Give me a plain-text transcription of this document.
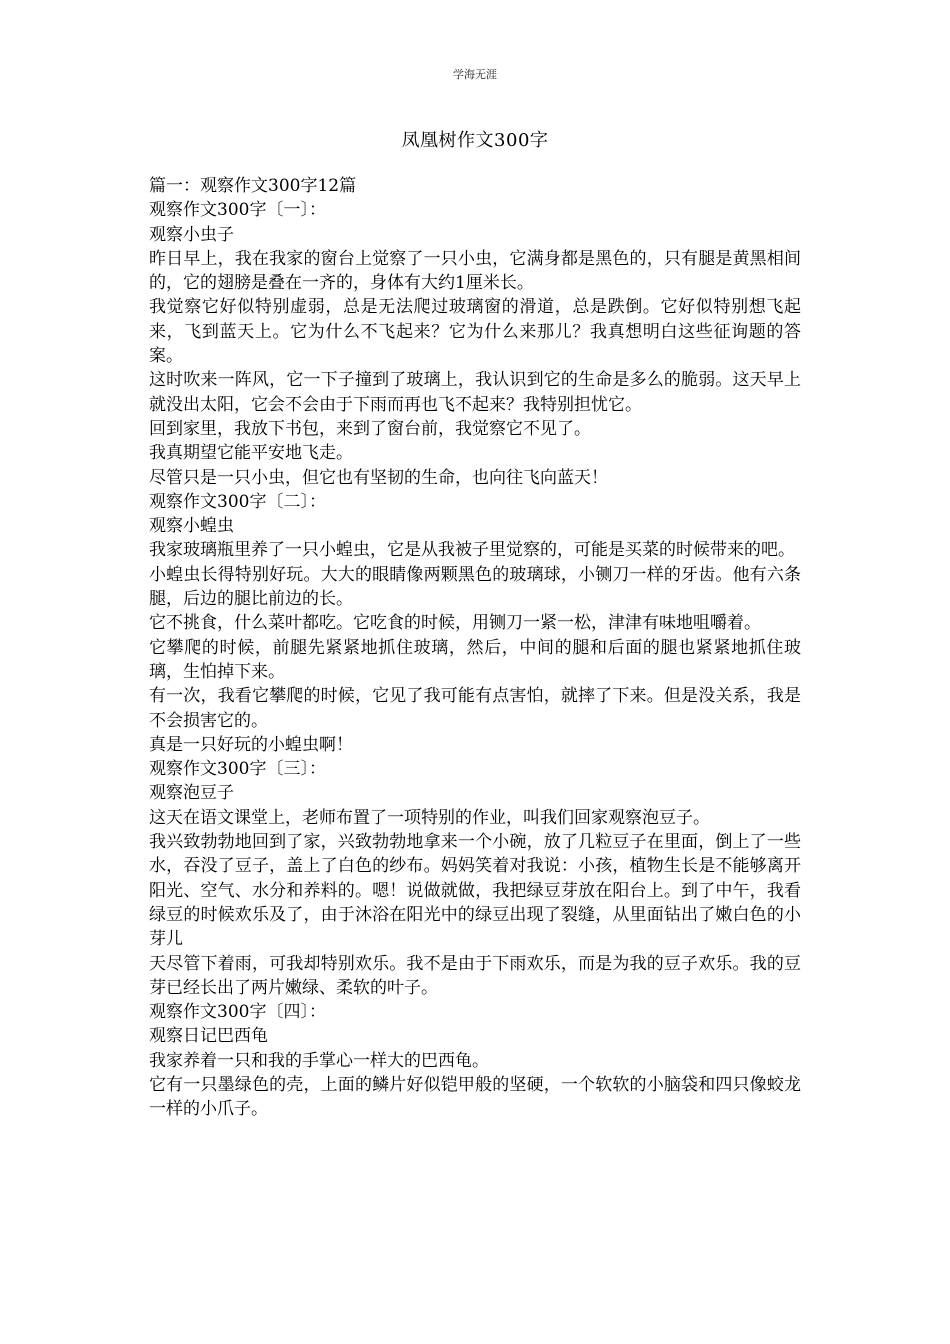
学海无涯
凤凰树作文300字

篇一：观察作文300字12篇

观察作文300字〔一〕：

观察小虫子

昨日早上，我在我家的窗台上觉察了一只小虫，它满身都是黑色的，只有腿是黄黑相间的，它的翅膀是叠在一齐的，身体有大约1厘米长。

我觉察它好似特别虚弱，总是无法爬过玻璃窗的滑道，总是跌倒。它好似特别想飞起来，飞到蓝天上。它为什么不飞起来？它为什么来那儿？我真想明白这些征询题的答案。

这时吹来一阵风，它一下子撞到了玻璃上，我认识到它的生命是多么的脆弱。这天早上就没出太阳，它会不会由于下雨而再也飞不起来？我特别担忧它。

回到家里，我放下书包，来到了窗台前，我觉察它不见了。

我真期望它能平安地飞走。

尽管只是一只小虫，但它也有坚韧的生命，也向往飞向蓝天！

观察作文300字〔二〕：

观察小蝗虫

我家玻璃瓶里养了一只小蝗虫，它是从我被子里觉察的，可能是买菜的时候带来的吧。

小蝗虫长得特别好玩。大大的眼睛像两颗黑色的玻璃球，小铡刀一样的牙齿。他有六条腿，后边的腿比前边的长。

它不挑食，什么菜叶都吃。它吃食的时候，用铡刀一紧一松，津津有味地咀嚼着。

它攀爬的时候，前腿先紧紧地抓住玻璃，然后，中间的腿和后面的腿也紧紧地抓住玻璃，生怕掉下来。

有一次，我看它攀爬的时候，它见了我可能有点害怕，就摔了下来。但是没关系，我是不会损害它的。

真是一只好玩的小蝗虫啊！

观察作文300字〔三〕：

观察泡豆子

这天在语文课堂上，老师布置了一项特别的作业，叫我们回家观察泡豆子。

我兴致勃勃地回到了家，兴致勃勃地拿来一个小碗，放了几粒豆子在里面，倒上了一些水，吞没了豆子，盖上了白色的纱布。妈妈笑着对我说：小孩，植物生长是不能够离开阳光、空气、水分和养料的。嗯！说做就做，我把绿豆芽放在阳台上。到了中午，我看绿豆的时候欢乐及了，由于沐浴在阳光中的绿豆出现了裂缝，从里面钻出了嫩白色的小芽儿

天尽管下着雨，可我却特别欢乐。我不是由于下雨欢乐，而是为我的豆子欢乐。我的豆芽已经长出了两片嫩绿、柔软的叶子。

观察作文300字〔四〕：

观察日记巴西龟

我家养着一只和我的手掌心一样大的巴西龟。

它有一只墨绿色的壳，上面的鳞片好似铠甲般的坚硬，一个软软的小脑袋和四只像蛟龙一样的小爪子。
